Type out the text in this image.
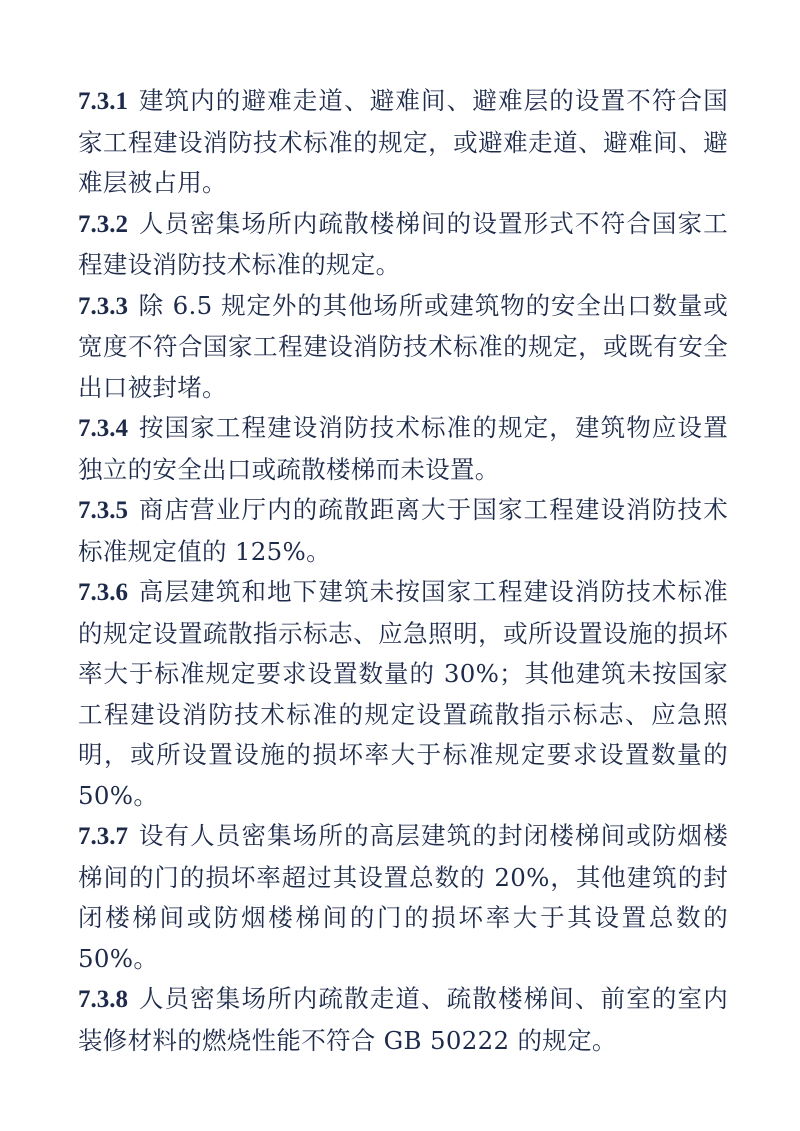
7.3.1 建筑内的避难走道、避难间、避难层的设置不符合国家工程建设消防技术标准的规定，或避难走道、避难间、避难层被占用。

7.3.2 人员密集场所内疏散楼梯间的设置形式不符合国家工程建设消防技术标准的规定。

7.3.3 除 6.5 规定外的其他场所或建筑物的安全出口数量或宽度不符合国家工程建设消防技术标准的规定，或既有安全出口被封堵。

7.3.4 按国家工程建设消防技术标准的规定，建筑物应设置独立的安全出口或疏散楼梯而未设置。

7.3.5 商店营业厅内的疏散距离大于国家工程建设消防技术标准规定值的 125%。

7.3.6 高层建筑和地下建筑未按国家工程建设消防技术标准的规定设置疏散指示标志、应急照明，或所设置设施的损坏率大于标准规定要求设置数量的 30%；其他建筑未按国家工程建设消防技术标准的规定设置疏散指示标志、应急照明，或所设置设施的损坏率大于标准规定要求设置数量的 50%。

7.3.7 设有人员密集场所的高层建筑的封闭楼梯间或防烟楼梯间的门的损坏率超过其设置总数的 20%，其他建筑的封闭楼梯间或防烟楼梯间的门的损坏率大于其设置总数的 50%。

7.3.8 人员密集场所内疏散走道、疏散楼梯间、前室的室内装修材料的燃烧性能不符合 GB 50222 的规定。
